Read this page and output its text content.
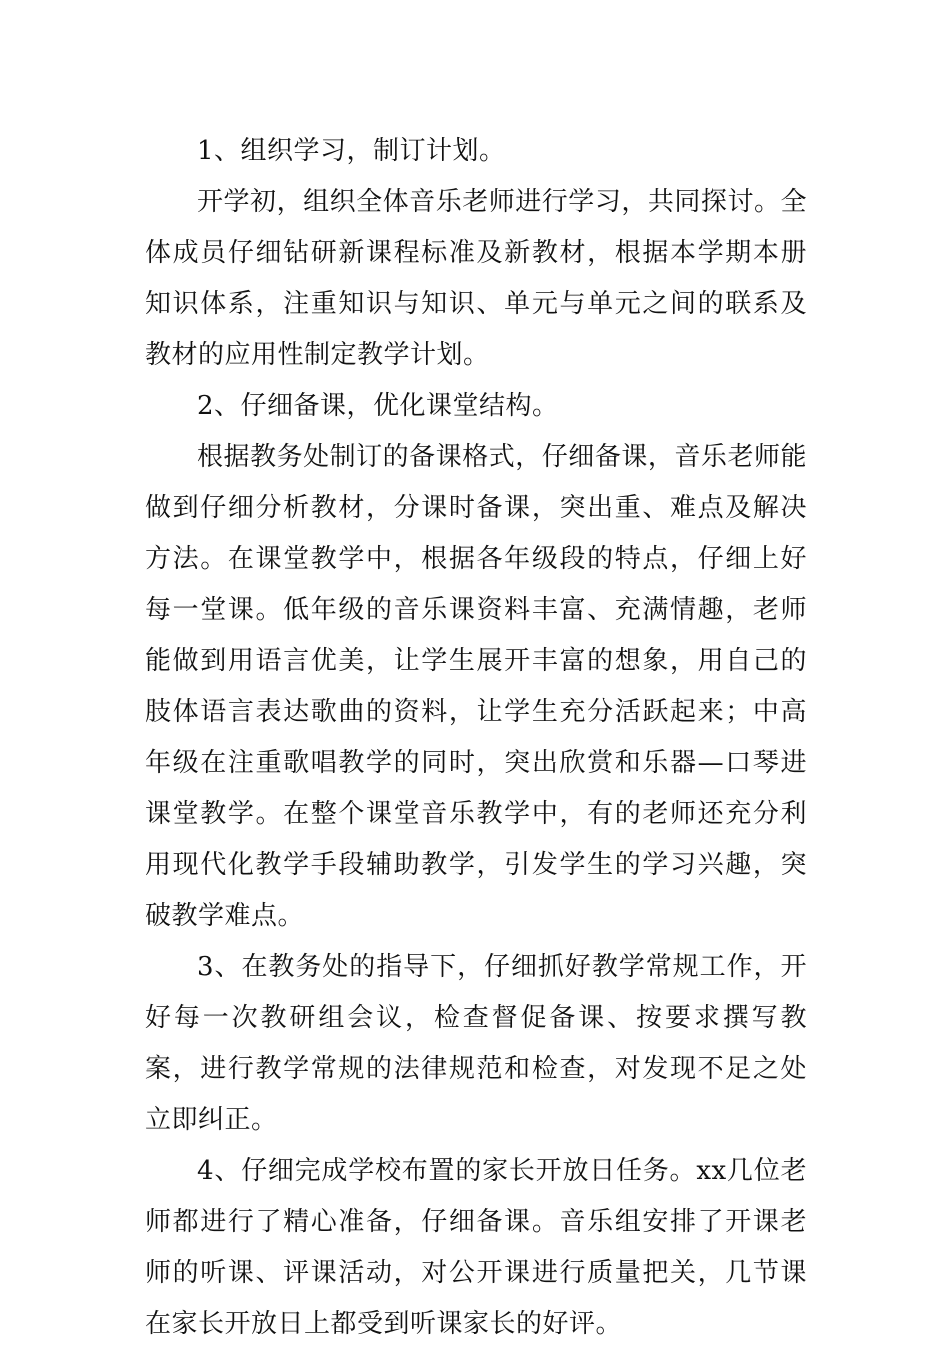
1、组织学习，制订计划。

开学初，组织全体音乐老师进行学习，共同探讨。全体成员仔细钻研新课程标准及新教材，根据本学期本册知识体系，注重知识与知识、单元与单元之间的联系及教材的应用性制定教学计划。

2、仔细备课，优化课堂结构。

根据教务处制订的备课格式，仔细备课，音乐老师能做到仔细分析教材，分课时备课，突出重、难点及解决方法。在课堂教学中，根据各年级段的特点，仔细上好每一堂课。低年级的音乐课资料丰富、充满情趣，老师能做到用语言优美，让学生展开丰富的想象，用自己的肢体语言表达歌曲的资料，让学生充分活跃起来；中高年级在注重歌唱教学的同时，突出欣赏和乐器—口琴进课堂教学。在整个课堂音乐教学中，有的老师还充分利用现代化教学手段辅助教学，引发学生的学习兴趣，突破教学难点。

3、在教务处的指导下，仔细抓好教学常规工作，开好每一次教研组会议，检查督促备课、按要求撰写教案，进行教学常规的法律规范和检查，对发现不足之处立即纠正。

4、仔细完成学校布置的家长开放日任务。xx几位老师都进行了精心准备，仔细备课。音乐组安排了开课老师的听课、评课活动，对公开课进行质量把关，几节课在家长开放日上都受到听课家长的好评。
